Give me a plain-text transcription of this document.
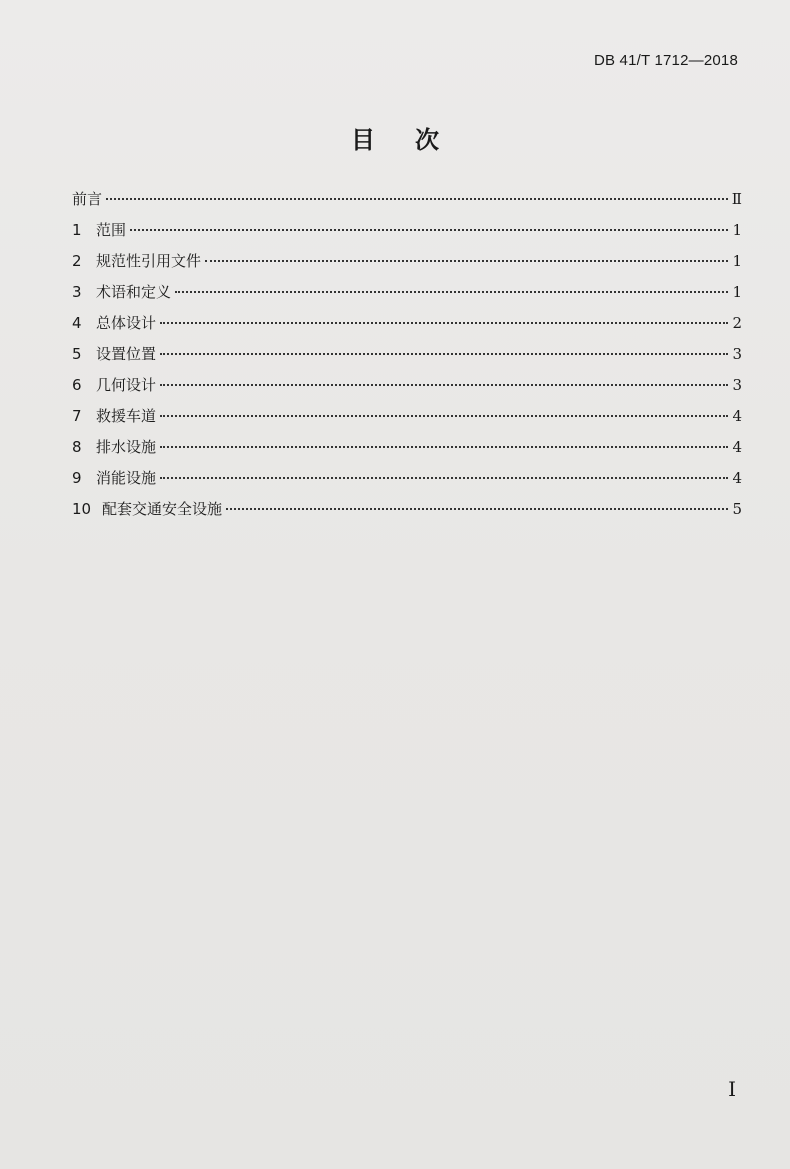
DB 41/T 1712—2018
目 次
前言	Ⅱ
1 范围	1
2 规范性引用文件	1
3 术语和定义	1
4 总体设计	2
5 设置位置	3
6 几何设计	3
7 救援车道	4
8 排水设施	4
9 消能设施	4
10 配套交通安全设施	5
I
